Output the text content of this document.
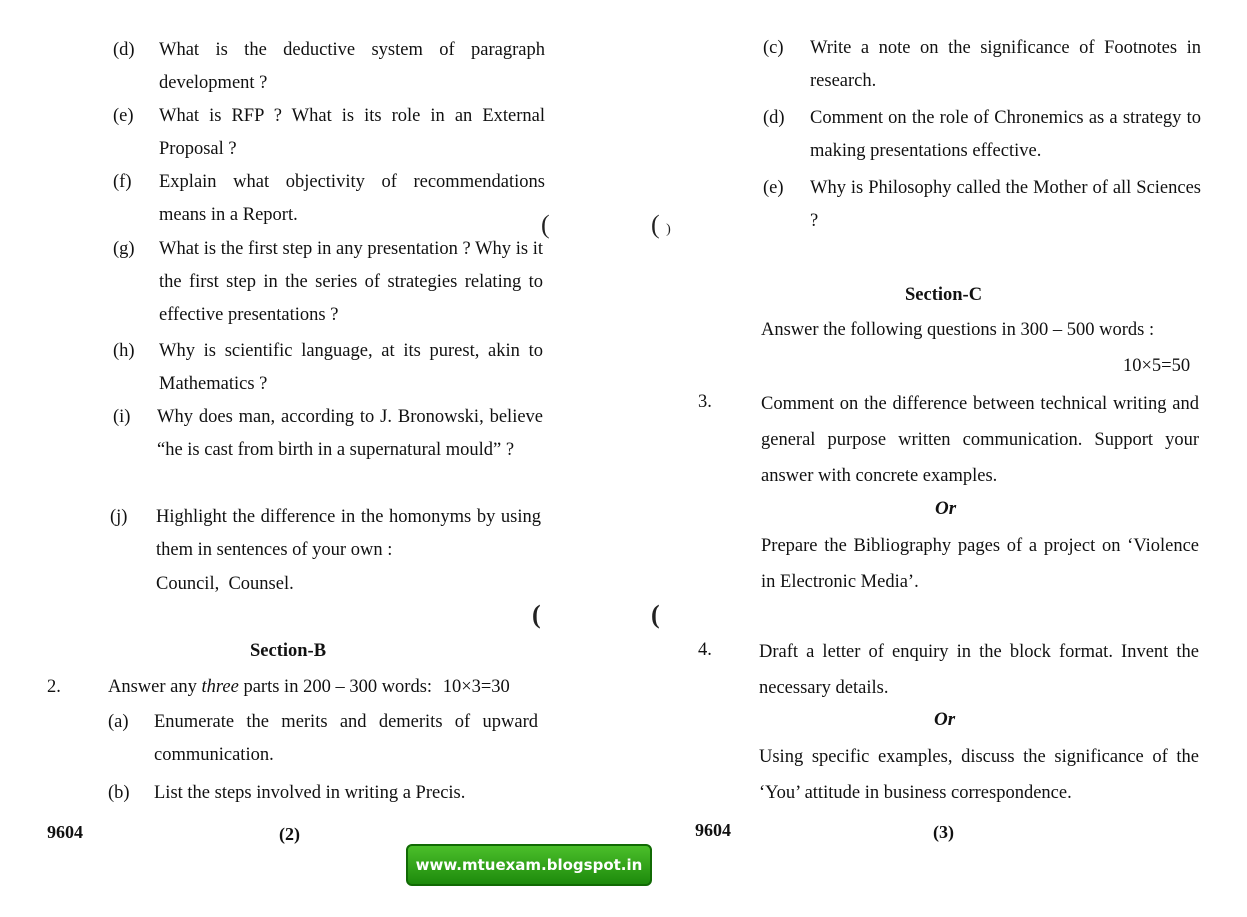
(d) What is the deductive system of paragraph development ?
(e) What is RFP ? What is its role in an External Proposal ?
(f) Explain what objectivity of recommendations means in a Report.
(g) What is the first step in any presentation ? Why is it the first step in the series of strategies relating to effective presentations ?
(h) Why is scientific language, at its purest, akin to Mathematics ?
(i) Why does man, according to J. Bronowski, believe “he is cast from birth in a supernatural mould” ?
(j) Highlight the difference in the homonyms by using them in sentences of your own :
Council,  Counsel.
(
(
Section-B
2.	Answer any three parts in 200 – 300 words: 10×3=30
(a) Enumerate the merits and demerits of upward communication.
(b) List the steps involved in writing a Precis.
9604	(2)
( )
(
(c) Write a note on the significance of Footnotes in research.
(d) Comment on the role of Chronemics as a strategy to making presentations effective.
(e) Why is Philosophy called the Mother of all Sciences ?
Section-C
Answer the following questions in 300 – 500 words :
10×5=50
3.	Comment on the difference between technical writing and general purpose written communication. Support your answer with concrete examples.
Or
Prepare the Bibliography pages of a project on ‘Violence in Electronic Media’.
4.	Draft a letter of enquiry in the block format. Invent the necessary details.
Or
Using specific examples, discuss the significance of the ‘You’ attitude in business correspondence.
9604	(3)
www.mtuexam.blogspot.in
